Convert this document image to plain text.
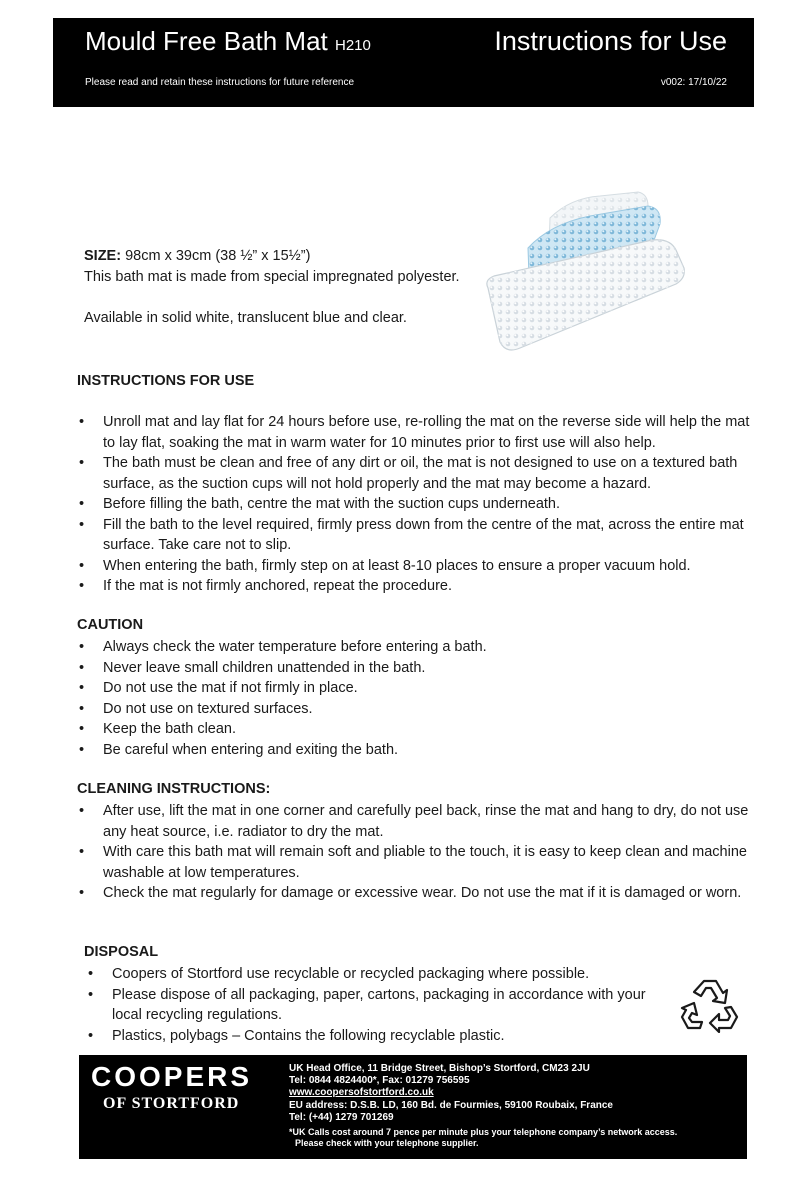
Mould Free Bath Mat H210	Instructions for Use
Please read and retain these instructions for future reference	v002: 17/10/22
SIZE: 98cm x 39cm (38 ½” x 15½”)
This bath mat is made from special impregnated polyester.
Available in solid white, translucent blue and clear.
INSTRUCTIONS FOR USE
• Unroll mat and lay flat for 24 hours before use, re-rolling the mat on the reverse side will help the mat to lay flat, soaking the mat in warm water for 10 minutes prior to first use will also help.
• The bath must be clean and free of any dirt or oil, the mat is not designed to use on a textured bath surface, as the suction cups will not hold properly and the mat may become a hazard.
• Before filling the bath, centre the mat with the suction cups underneath.
• Fill the bath to the level required, firmly press down from the centre of the mat, across the entire mat surface. Take care not to slip.
• When entering the bath, firmly step on at least 8-10 places to ensure a proper vacuum hold.
• If the mat is not firmly anchored, repeat the procedure.
CAUTION
• Always check the water temperature before entering a bath.
• Never leave small children unattended in the bath.
• Do not use the mat if not firmly in place.
• Do not use on textured surfaces.
• Keep the bath clean.
• Be careful when entering and exiting the bath.
CLEANING INSTRUCTIONS:
• After use, lift the mat in one corner and carefully peel back, rinse the mat and hang to dry, do not use any heat source, i.e. radiator to dry the mat.
• With care this bath mat will remain soft and pliable to the touch, it is easy to keep clean and machine washable at low temperatures.
• Check the mat regularly for damage or excessive wear. Do not use the mat if it is damaged or worn.
DISPOSAL
• Coopers of Stortford use recyclable or recycled packaging where possible.
• Please dispose of all packaging, paper, cartons, packaging in accordance with your local recycling regulations.
• Plastics, polybags – Contains the following recyclable plastic.
COOPERS
OF STORTFORD
UK Head Office, 11 Bridge Street, Bishop’s Stortford, CM23 2JU
Tel: 0844 4824400*, Fax: 01279 756595
www.coopersofstortford.co.uk
EU address: D.S.B. LD, 160 Bd. de Fourmies, 59100 Roubaix, France
Tel: (+44) 1279 701269
*UK Calls cost around 7 pence per minute plus your telephone company’s network access.
Please check with your telephone supplier.
